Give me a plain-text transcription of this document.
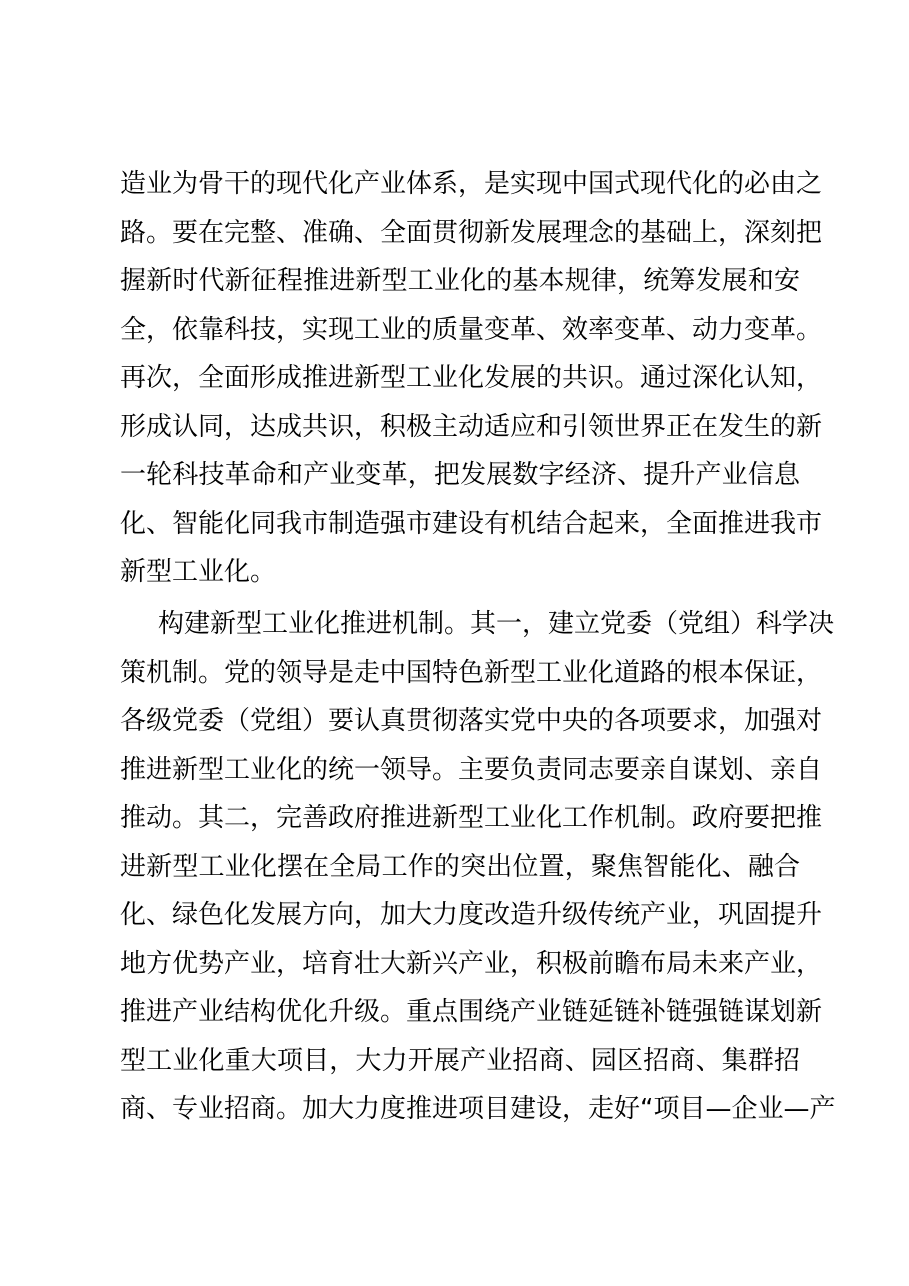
造业为骨干的现代化产业体系，是实现中国式现代化的必由之
路。要在完整、准确、全面贯彻新发展理念的基础上，深刻把
握新时代新征程推进新型工业化的基本规律，统筹发展和安
全，依靠科技，实现工业的质量变革、效率变革、动力变革。
再次，全面形成推进新型工业化发展的共识。通过深化认知，
形成认同，达成共识，积极主动适应和引领世界正在发生的新
一轮科技革命和产业变革，把发展数字经济、提升产业信息
化、智能化同我市制造强市建设有机结合起来，全面推进我市
新型工业化。
构建新型工业化推进机制。其一，建立党委（党组）科学决
策机制。党的领导是走中国特色新型工业化道路的根本保证，
各级党委（党组）要认真贯彻落实党中央的各项要求，加强对
推进新型工业化的统一领导。主要负责同志要亲自谋划、亲自
推动。其二，完善政府推进新型工业化工作机制。政府要把推
进新型工业化摆在全局工作的突出位置，聚焦智能化、融合
化、绿色化发展方向，加大力度改造升级传统产业，巩固提升
地方优势产业，培育壮大新兴产业，积极前瞻布局未来产业，
推进产业结构优化升级。重点围绕产业链延链补链强链谋划新
型工业化重大项目，大力开展产业招商、园区招商、集群招
商、专业招商。加大力度推进项目建设，走好“项目—企业—产
